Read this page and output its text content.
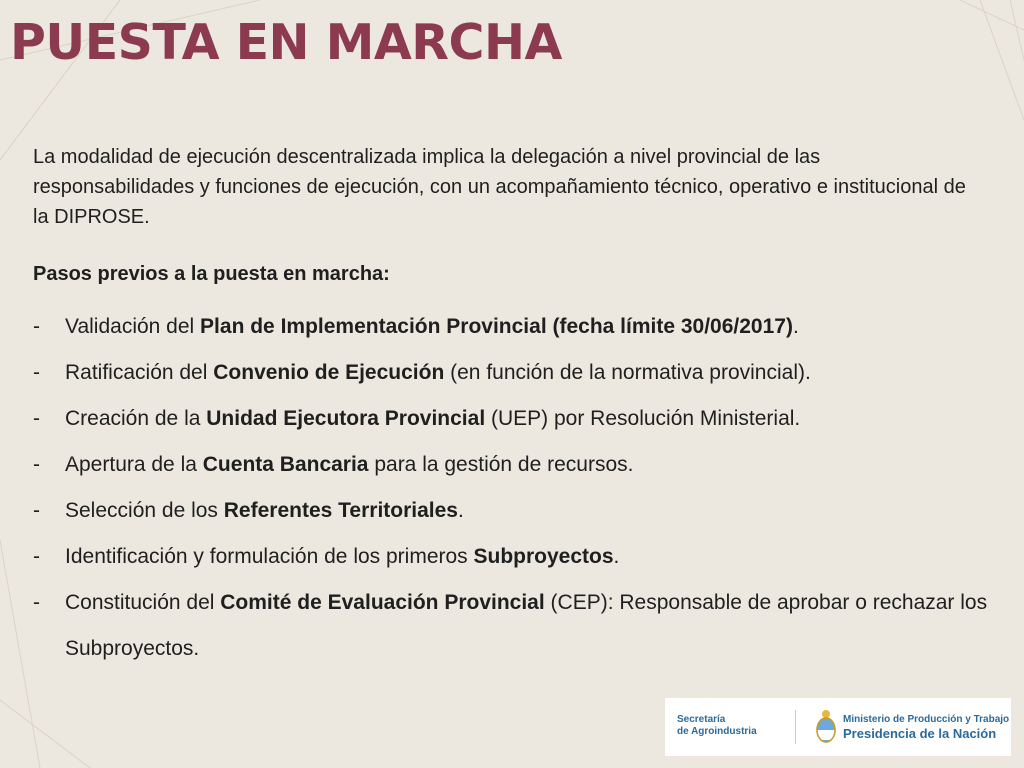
PUESTA EN MARCHA

La modalidad de ejecución descentralizada implica la delegación a nivel provincial de las responsabilidades y funciones de ejecución, con un acompañamiento técnico, operativo e institucional de la DIPROSE.

Pasos previos a la puesta en marcha:

- Validación del Plan de Implementación Provincial (fecha límite 30/06/2017).
- Ratificación del Convenio de Ejecución (en función de la normativa provincial).
- Creación de la Unidad Ejecutora Provincial (UEP) por Resolución Ministerial.
- Apertura de la Cuenta Bancaria para la gestión de recursos.
- Selección de los Referentes Territoriales.
- Identificación y formulación de los primeros Subproyectos.
- Constitución del Comité de Evaluación Provincial (CEP): Responsable de aprobar o rechazar los Subproyectos.
Secretaría
de Agroindustria
Ministerio de Producción y Trabajo
Presidencia de la Nación
